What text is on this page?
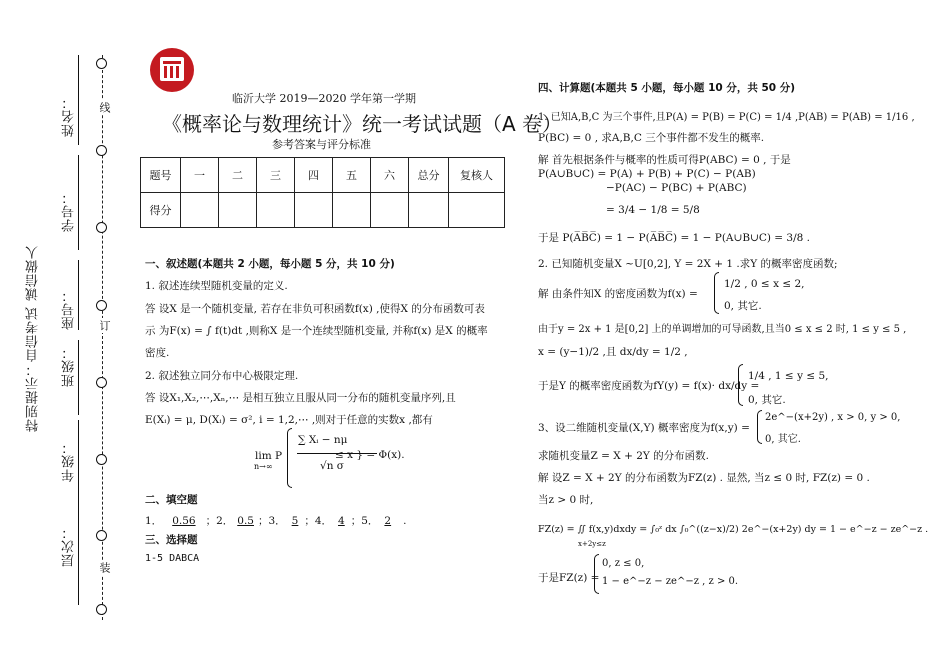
线
订
装
特别提示：自信考试 诚信做人
姓名：
学号：
座号：
班级：
年级：
层次：
临沂大学 2019—2020 学年第一学期
《概率论与数理统计》统一考试试题（A 卷）
参考答案与评分标准
题号	一	二	三	四	五	六	总分	复核人
得分								
一、叙述题(本题共 2 小题，每小题 5 分，共 10 分)
1. 叙述连续型随机变量的定义.
答 设X 是一个随机变量, 若存在非负可积函数f(x) ,使得X 的分布函数可表
示 为F(x) = ∫ f(t)dt ,则称X 是一个连续型随机变量, 并称f(x) 是X 的概率
密度.
2. 叙述独立同分布中心极限定理.
答 设X₁,X₂,⋯,Xₙ,⋯ 是相互独立且服从同一分布的随机变量序列,且
E(Xᵢ) = μ, D(Xᵢ) = σ², i = 1,2,⋯ ,则对于任意的实数x ,都有
lim P
n→∞
∑ Xᵢ − nμ
√n σ
≤ x } = Φ(x).
二、填空题
1． 0.56 ；2． 0.5 ；3． 5 ；4． 4 ；5． 2 .
三、选择题
1-5 DABCA
四、计算题(本题共 5 小题，每小题 10 分，共 50 分)
1. 已知A,B,C 为三个事件,且P(A) = P(B) = P(C) = 1/4 ,P(AB) = P(AB) = 1/16 ,
P(BC) = 0 , 求A,B,C 三个事件都不发生的概率.
解 首先根据条件与概率的性质可得P(ABC) = 0 , 于是
P(A∪B∪C) = P(A) + P(B) + P(C) − P(AB)
−P(AC) − P(BC) + P(ABC)
= 3/4 − 1/8 = 5/8
于是 P(A̅B̅C̅) = 1 − P(A̅B̅C̅) = 1 − P(A∪B∪C) = 3/8 .
2. 已知随机变量X ~U[0,2], Y = 2X + 1 .求Y 的概率密度函数;
解 由条件知X 的密度函数为f(x) =
1/2 , 0 ≤ x ≤ 2,
0, 其它.
由于y = 2x + 1 是[0,2] 上的单调增加的可导函数,且当0 ≤ x ≤ 2 时, 1 ≤ y ≤ 5 ,
x = (y−1)/2 ,且 dx/dy = 1/2 ,
于是Y 的概率密度函数为fY(y) = f(x)· dx/dy =
1/4 , 1 ≤ y ≤ 5,
0, 其它.
3、设二维随机变量(X,Y) 概率密度为f(x,y) =
2e^−(x+2y) , x > 0, y > 0,
0, 其它.
求随机变量Z = X + 2Y 的分布函数.
解 设Z = X + 2Y 的分布函数为FZ(z) . 显然, 当z ≤ 0 时, FZ(z) = 0 .
当z > 0 时,
FZ(z) = ∬ f(x,y)dxdy = ∫₀ᶻ dx ∫₀^((z−x)/2) 2e^−(x+2y) dy = 1 − e^−z − ze^−z .
x+2y≤z
于是FZ(z) =
0, z ≤ 0,
1 − e^−z − ze^−z , z > 0.
